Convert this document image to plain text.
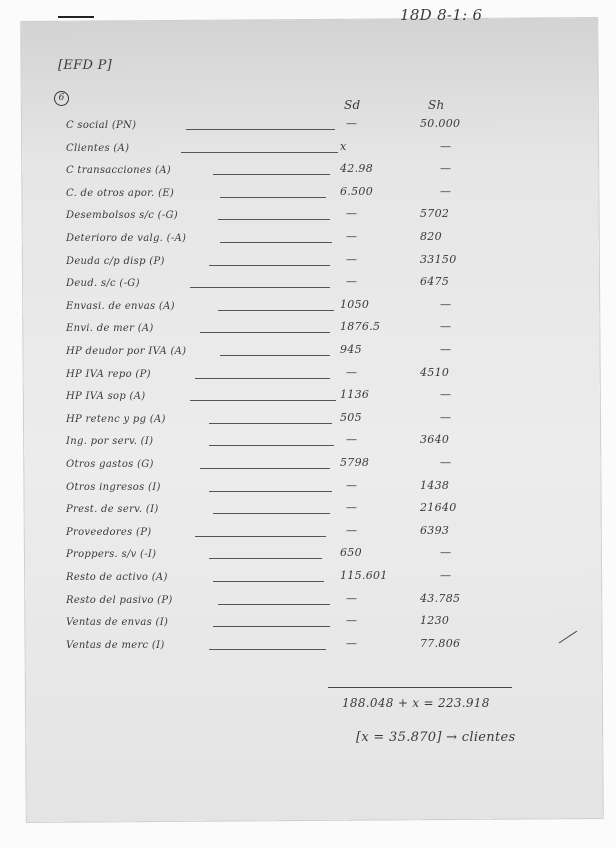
18D 8-1: 6
[EFD P]
6	Sd	Sh
C social (PN)	—	50.000
Clientes (A)	x	—
C transacciones (A)	42.98	—
C. de otros apor. (E)	6.500	—
Desembolsos s/c (-G)	—	5702
Deterioro de valg. (-A)	—	820
Deuda c/p disp (P)	—	33150
Deud. s/c (-G)	—	6475
Envasi. de envas (A)	1050	—
Envi. de mer (A)	1876.5	—
HP deudor por IVA (A)	945	—
HP IVA repo (P)	—	4510
HP IVA sop (A)	1136	—
HP retenc y pg (A)	505	—
Ing. por serv. (I)	—	3640
Otros gastos (G)	5798	—
Otros ingresos (I)	—	1438
Prest. de serv. (I)	—	21640
Proveedores (P)	—	6393
Proppers. s/v (-I)	650	—
Resto de activo (A)	115.601	—
Resto del pasivo (P)	—	43.785
Ventas de envas (I)	—	1230
Ventas de merc (I)	—	77.806
188.048 + x = 223.918
[x = 35.870] → clientes
